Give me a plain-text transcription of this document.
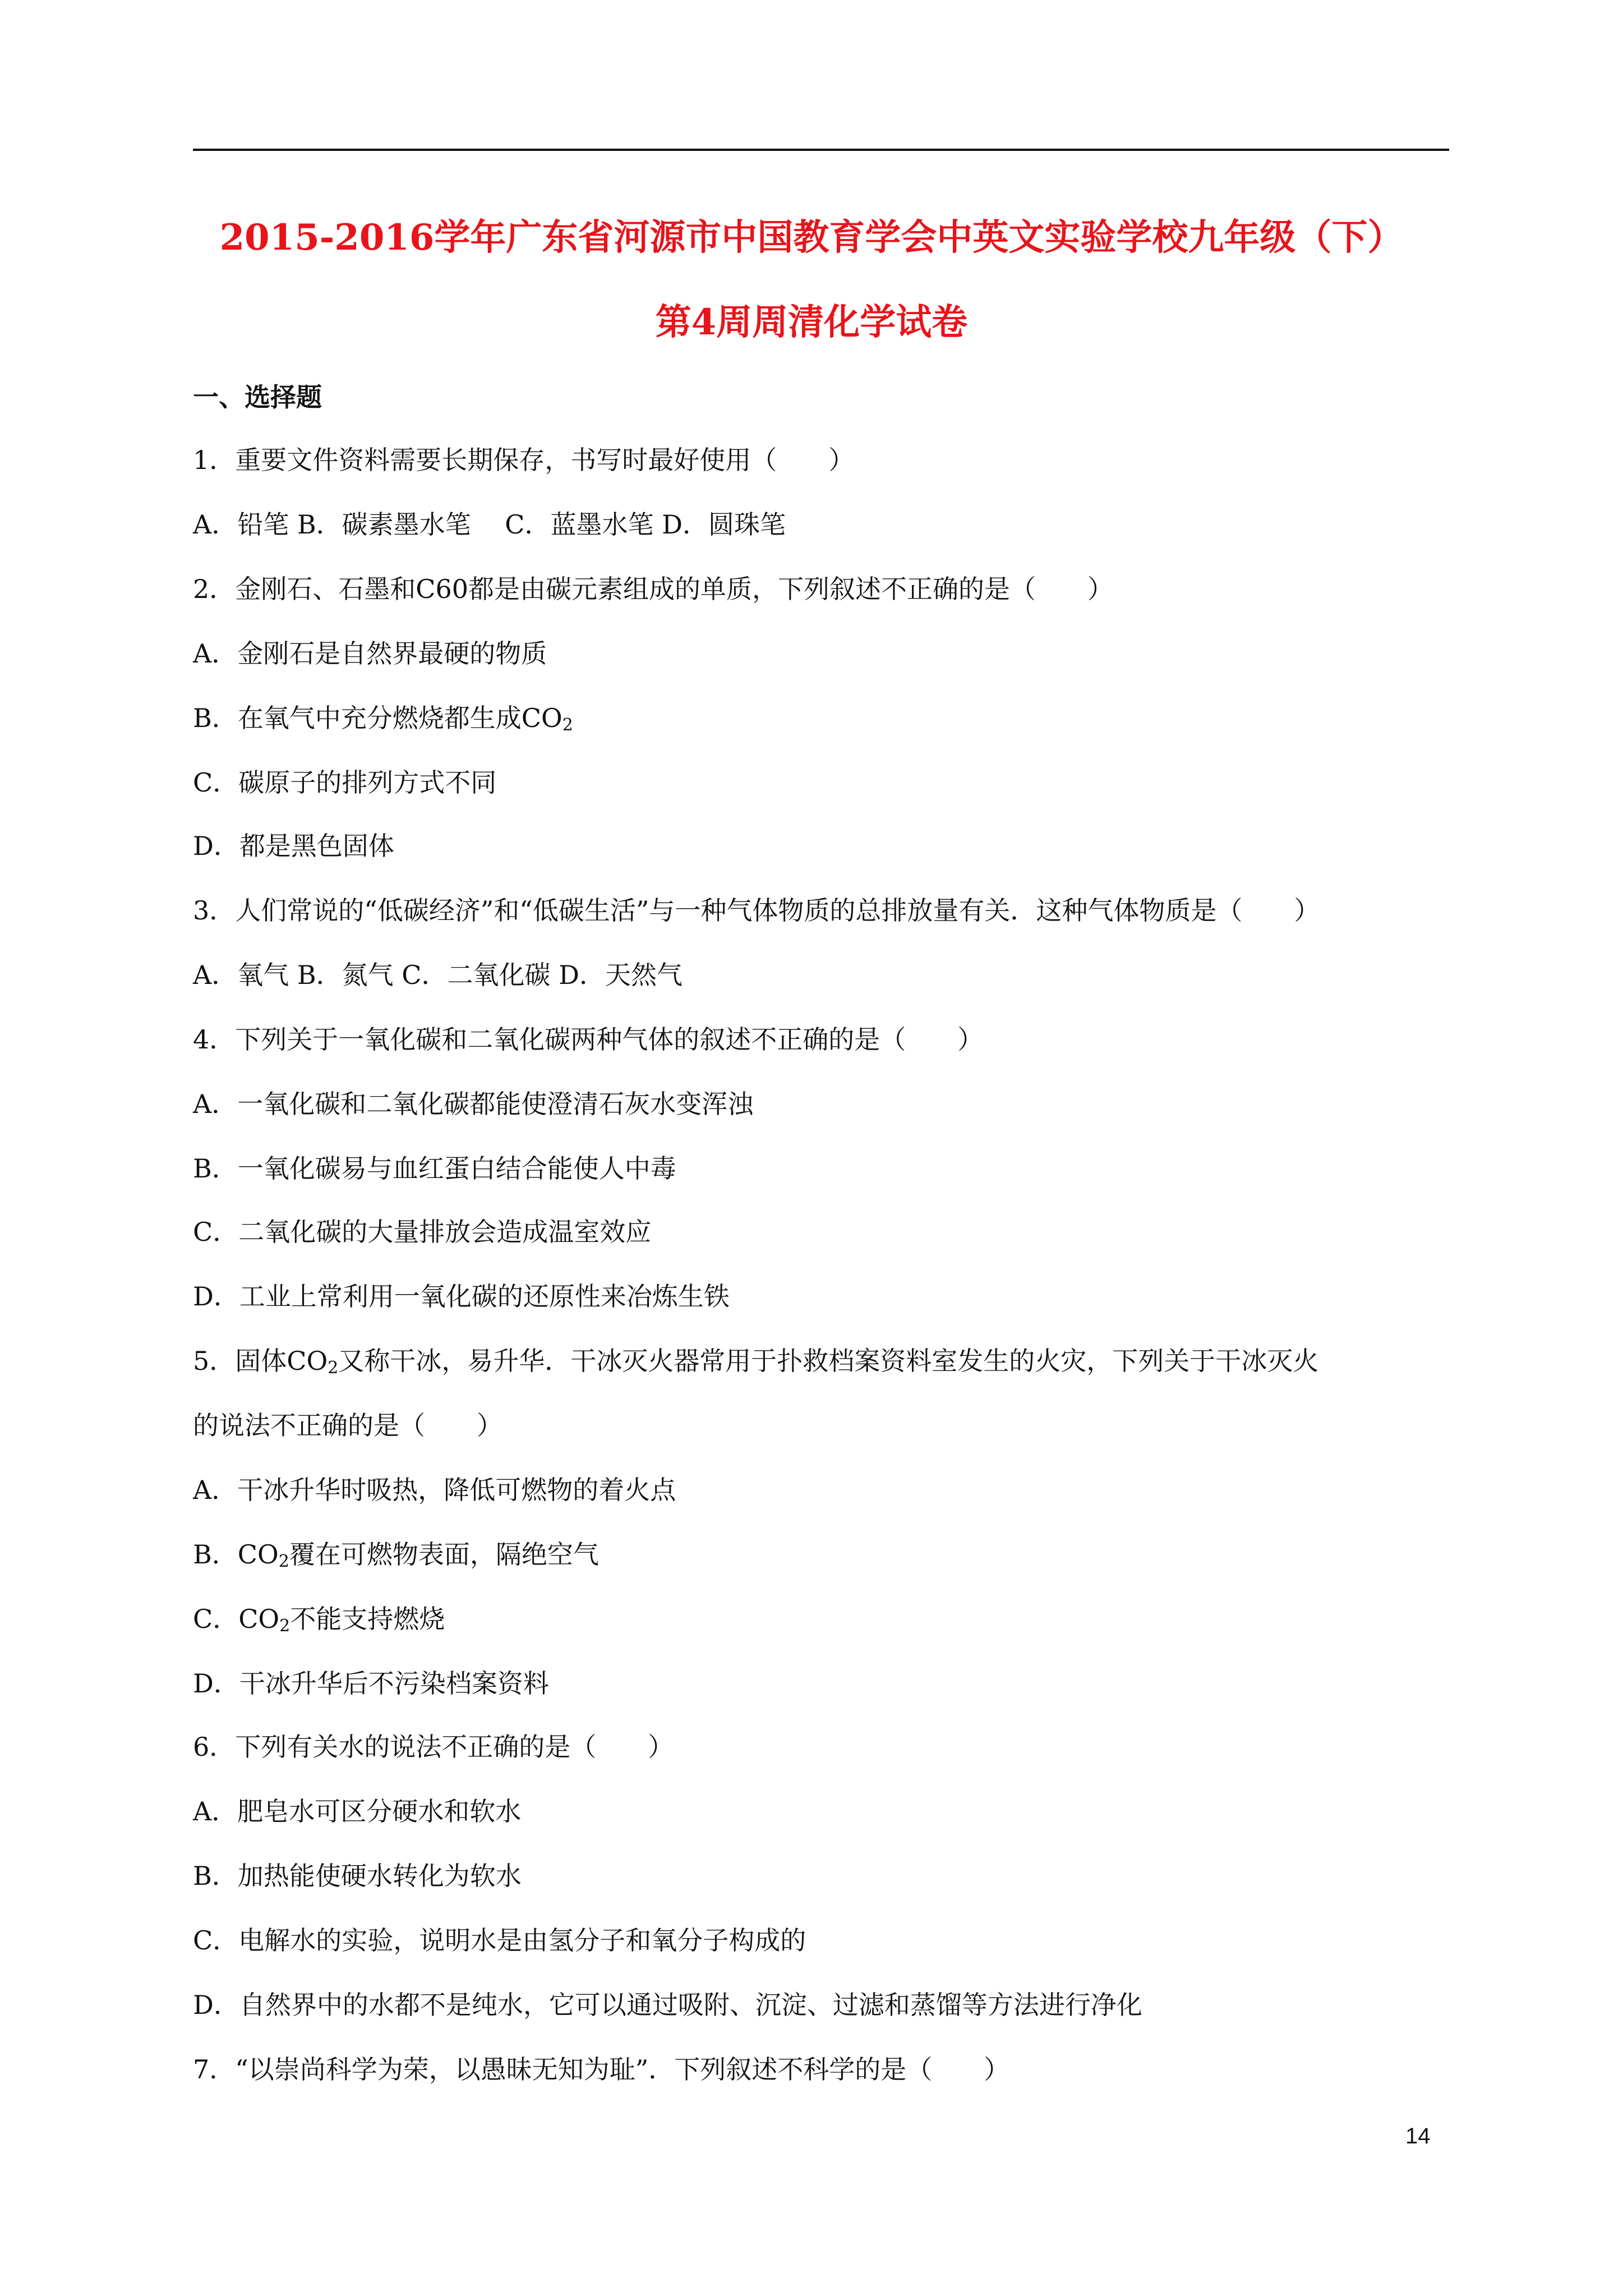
2015-2016学年广东省河源市中国教育学会中英文实验学校九年级（下）
第4周周清化学试卷
一、选择题
1．重要文件资料需要长期保存，书写时最好使用（　　）
A．铅笔 B．碳素墨水笔　 C．蓝墨水笔 D．圆珠笔
2．金刚石、石墨和C60都是由碳元素组成的单质，下列叙述不正确的是（　　）
A．金刚石是自然界最硬的物质
B．在氧气中充分燃烧都生成$CO_2$
C．碳原子的排列方式不同
D．都是黑色固体
3．人们常说的“低碳经济”和“低碳生活”与一种气体物质的总排放量有关．这种气体物质是（　　）
A．氧气 B．氮气 C．二氧化碳 D．天然气
4．下列关于一氧化碳和二氧化碳两种气体的叙述不正确的是（　　）
A．一氧化碳和二氧化碳都能使澄清石灰水变浑浊
B．一氧化碳易与血红蛋白结合能使人中毒
C．二氧化碳的大量排放会造成温室效应
D．工业上常利用一氧化碳的还原性来冶炼生铁
5．固体$CO_2$又称干冰，易升华．干冰灭火器常用于扑救档案资料室发生的火灾，下列关于干冰灭火
的说法不正确的是（　　）
A．干冰升华时吸热，降低可燃物的着火点
B．$CO_2$覆在可燃物表面，隔绝空气
C．$CO_2$不能支持燃烧
D．干冰升华后不污染档案资料
6．下列有关水的说法不正确的是（　　）
A．肥皂水可区分硬水和软水
B．加热能使硬水转化为软水
C．电解水的实验，说明水是由氢分子和氧分子构成的
D．自然界中的水都不是纯水，它可以通过吸附、沉淀、过滤和蒸馏等方法进行净化
7．“以崇尚科学为荣，以愚昧无知为耻”．下列叙述不科学的是（　　）
14
